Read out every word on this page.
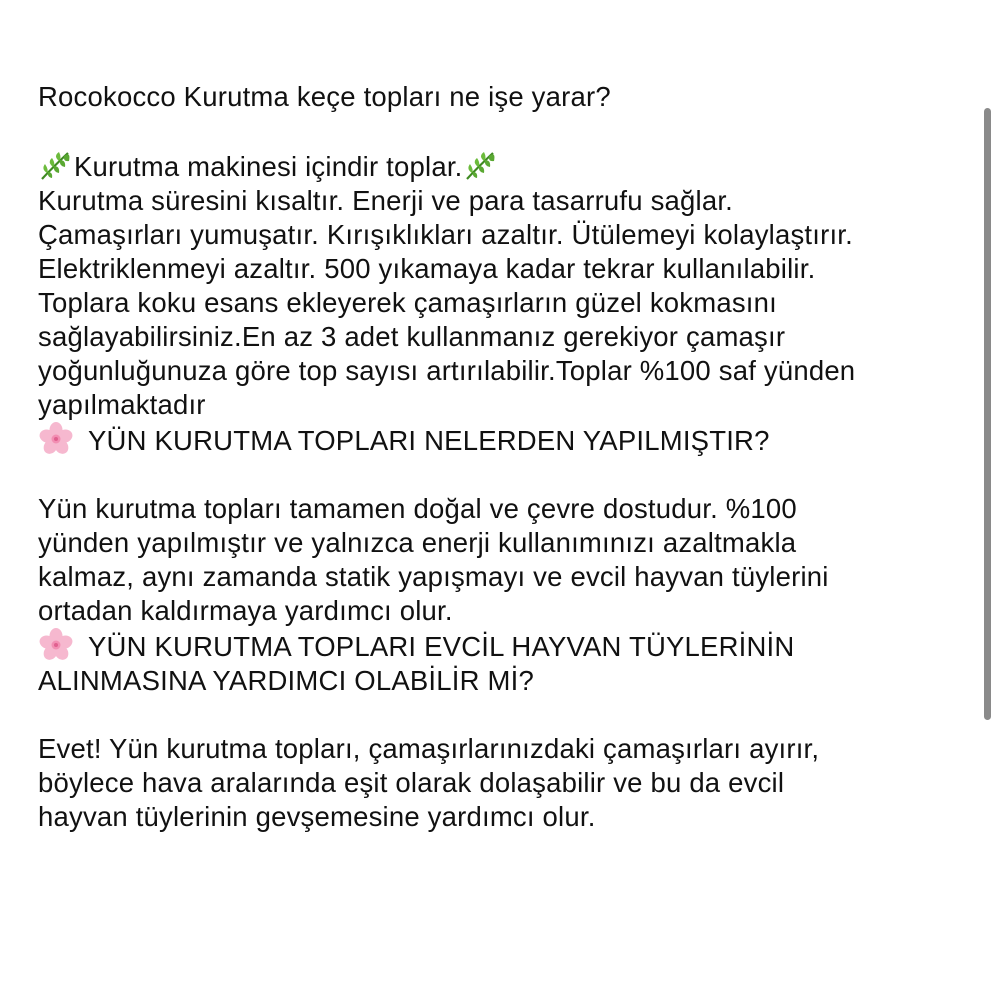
Rocokocco Kurutma keçe topları ne işe yarar?
Kurutma makinesi içindir toplar.
Kurutma süresini kısaltır. Enerji ve para tasarrufu sağlar.
Çamaşırları yumuşatır. Kırışıklıkları azaltır. Ütülemeyi kolaylaştırır.
Elektriklenmeyi azaltır. 500 yıkamaya kadar tekrar kullanılabilir.
Toplara koku esans ekleyerek çamaşırların güzel kokmasını
sağlayabilirsiniz.En az 3 adet kullanmanız gerekiyor çamaşır
yoğunluğunuza göre top sayısı artırılabilir.Toplar %100 saf yünden
yapılmaktadır
YÜN KURUTMA TOPLARI NELERDEN YAPILMIŞTIR?
Yün kurutma topları tamamen doğal ve çevre dostudur. %100
yünden yapılmıştır ve yalnızca enerji kullanımınızı azaltmakla
kalmaz, aynı zamanda statik yapışmayı ve evcil hayvan tüylerini
ortadan kaldırmaya yardımcı olur.
YÜN KURUTMA TOPLARI EVCİL HAYVAN TÜYLERİNİN
ALINMASINA YARDIMCI OLABİLİR Mİ?
Evet! Yün kurutma topları, çamaşırlarınızdaki çamaşırları ayırır,
böylece hava aralarında eşit olarak dolaşabilir ve bu da evcil
hayvan tüylerinin gevşemesine yardımcı olur.
